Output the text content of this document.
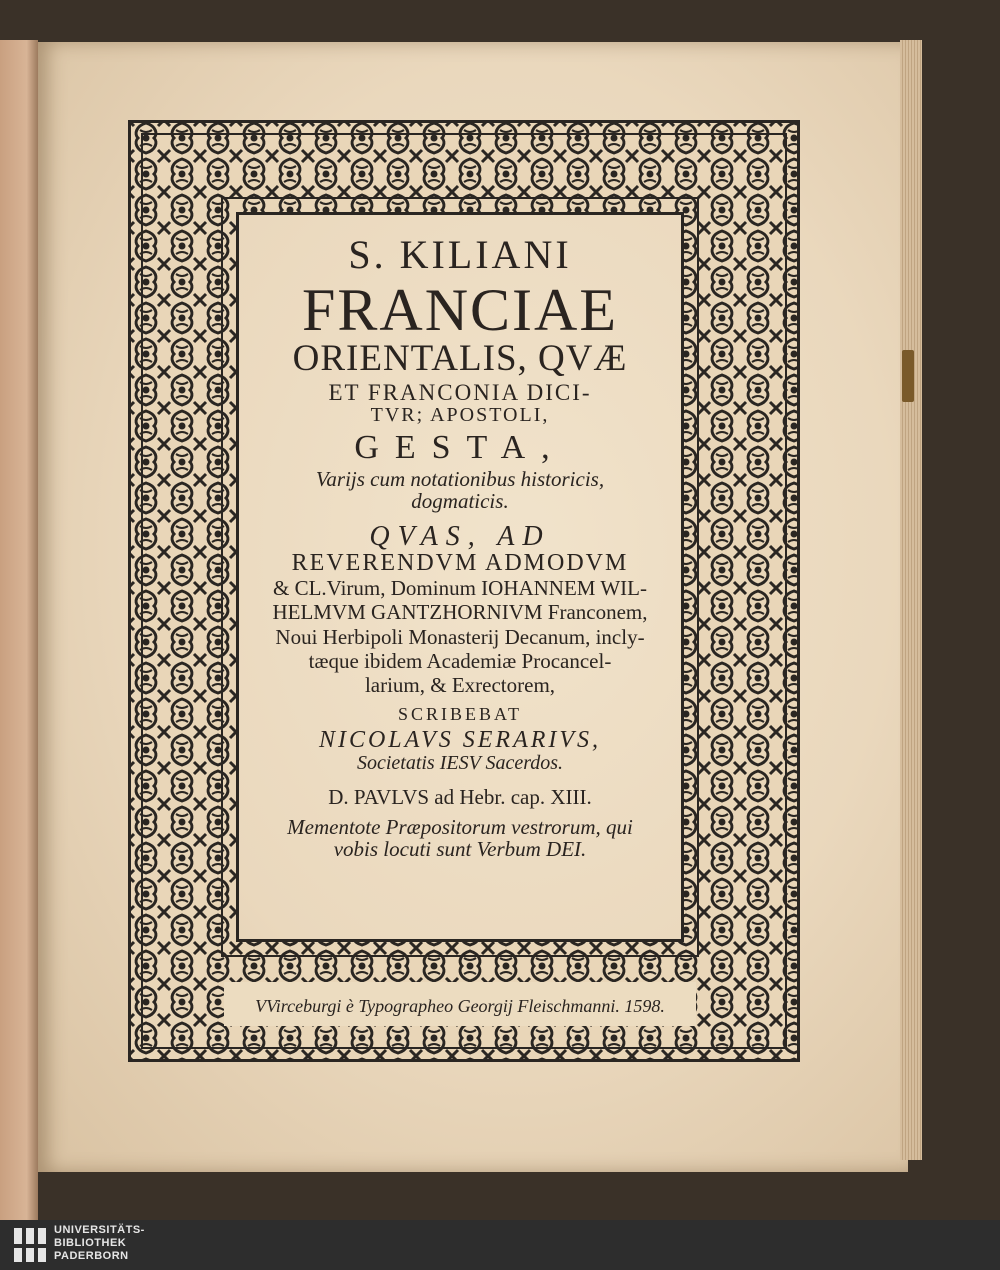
S. KILIANI
FRANCIAE
ORIENTALIS, QVÆ
ET FRANCONIA DICI-
TVR; APOSTOLI,
GESTA,
Varijs cum notationibus historicis,
dogmaticis.
QVAS, AD
REVERENDVM ADMODVM
& CL.Virum, Dominum IOHANNEM WIL-
HELMVM GANTZHORNIVM Franconem,
Noui Herbipoli Monasterij Decanum, incly-
tæque ibidem Academiæ Procancel-
larium, & Exrectorem,
SCRIBEBAT
NICOLAVS SERARIVS,
Societatis IESV Sacerdos.
D. PAVLVS ad Hebr. cap. XIII.
Mementote Præpositorum vestrorum, qui
vobis locuti sunt Verbum DEI.
VVirceburgi è Typographeo Georgij Fleischmanni. 1598.
UNIVERSITÄTS-
BIBLIOTHEK
PADERBORN
